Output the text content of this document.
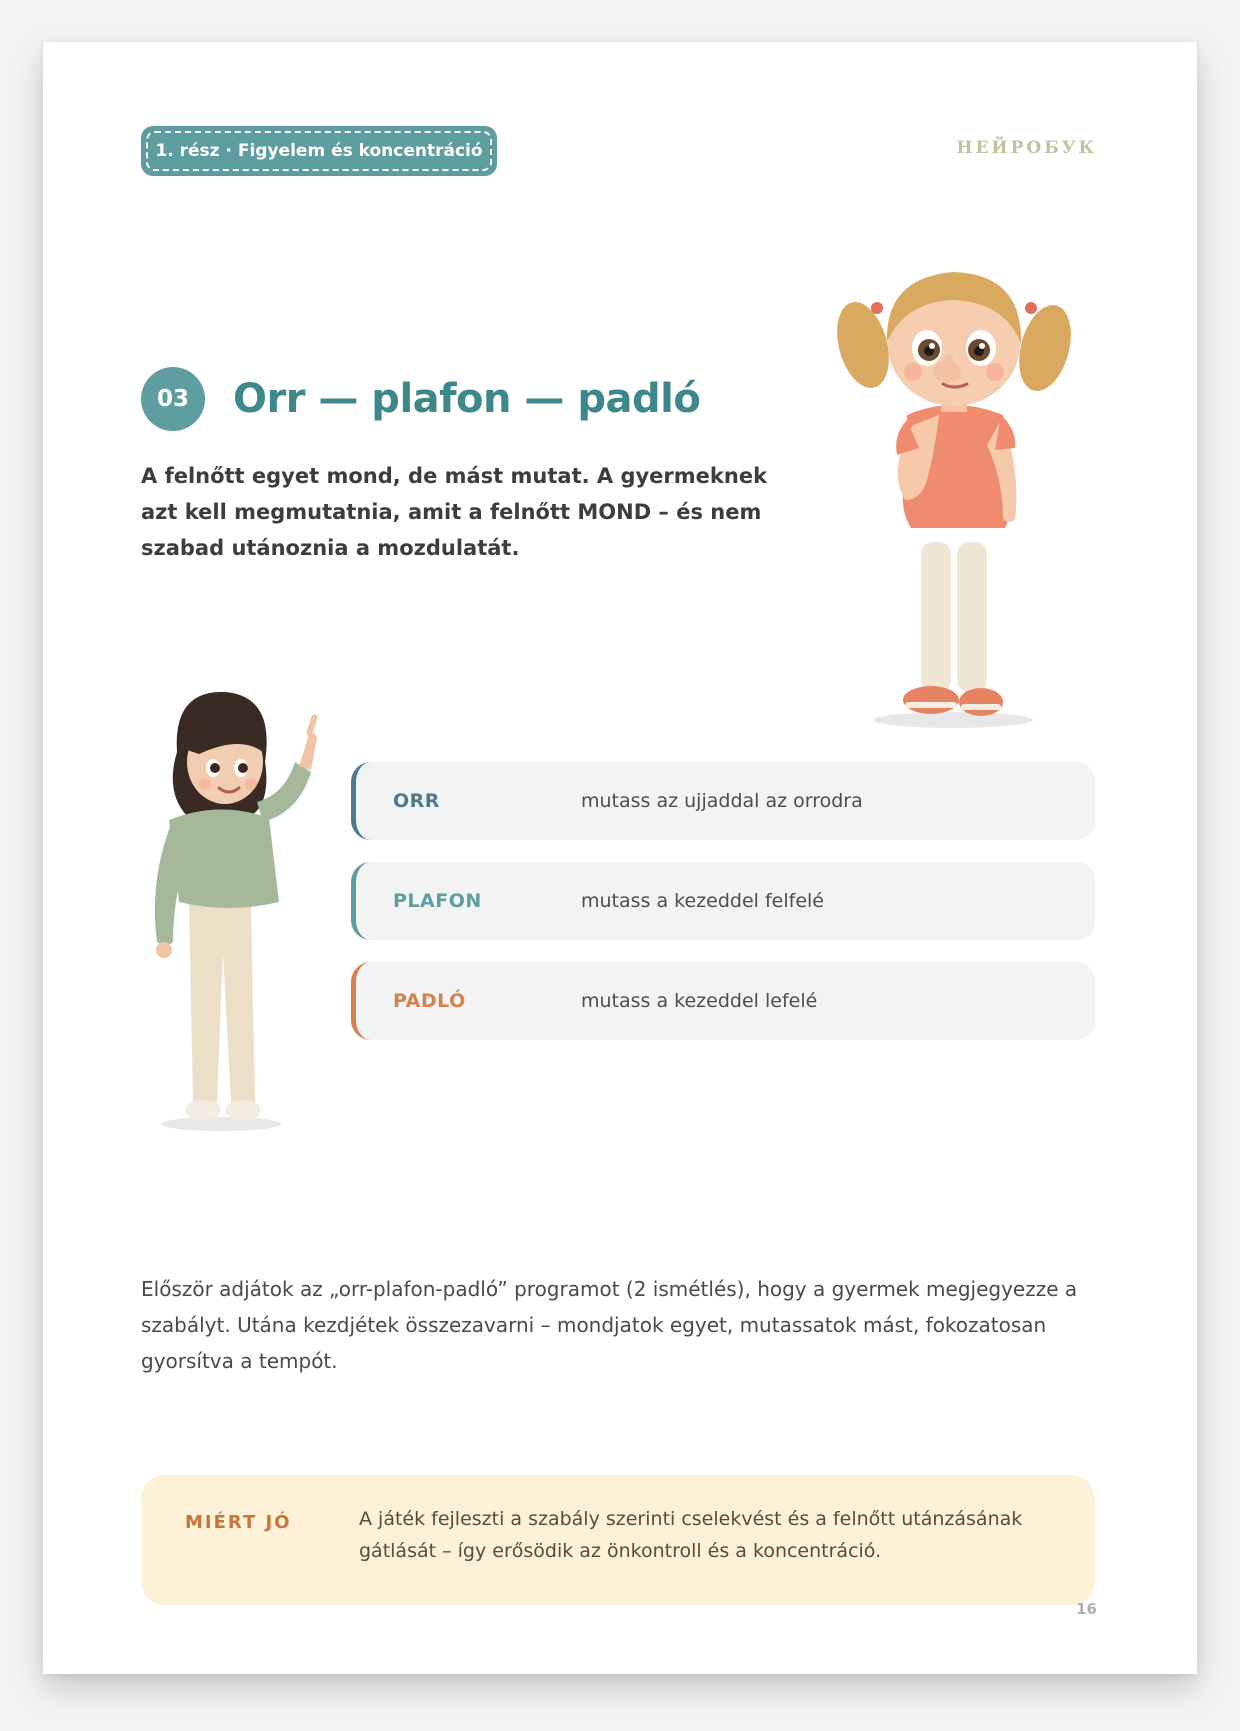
1. rész · Figyelem és koncentráció	НЕЙРОБУК
03	Orr — plafon — padló

A felnőtt egyet mond, de mást mutat. A gyermeknek azt kell megmutatnia, amit a felnőtt MOND – és nem szabad utánoznia a mozdulatát.

ORR	mutass az ujjaddal az orrodra
PLAFON	mutass a kezeddel felfelé
PADLÓ	mutass a kezeddel lefelé

Először adjátok az „orr-plafon-padló” programot (2 ismétlés), hogy a gyermek megjegyezze a szabályt. Utána kezdjétek összezavarni – mondjatok egyet, mutassatok mást, fokozatosan gyorsítva a tempót.

MIÉRT JÓ	A játék fejleszti a szabály szerinti cselekvést és a felnőtt utánzásának gátlását – így erősödik az önkontroll és a koncentráció.

16
